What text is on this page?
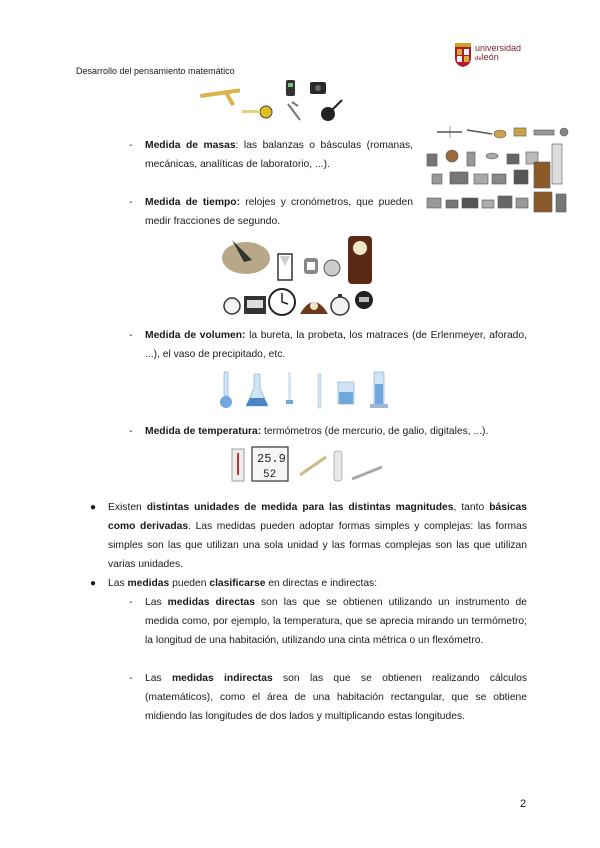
Desarrollo del pensamiento matemático
universidad
deleón
- Medida de masas: las balanzas o básculas (romanas, mecánicas, analíticas de laboratorio, ...).
- Medida de tiempo: relojes y cronómetros, que pueden medir fracciones de segundo.
- Medida de volumen: la bureta, la probeta, los matraces (de Erlenmeyer, aforado, ...), el vaso de precipitado, etc.
- Medida de temperatura: termómetros (de mercurio, de galio, digitales, ...).
25.9
52
● Existen distintas unidades de medida para las distintas magnitudes, tanto básicas como derivadas. Las medidas pueden adoptar formas simples y complejas: las formas simples son las que utilizan una sola unidad y las formas complejas son las que utilizan varias unidades.
● Las medidas pueden clasificarse en directas e indirectas:
- Las medidas directas son las que se obtienen utilizando un instrumento de medida como, por ejemplo, la temperatura, que se aprecia mirando un termómetro; la longitud de una habitación, utilizando una cinta métrica o un flexómetro.
- Las medidas indirectas son las que se obtienen realizando cálculos (matemáticos), como el área de una habitación rectangular, que se obtiene midiendo las longitudes de dos lados y multiplicando estas longitudes.
2
